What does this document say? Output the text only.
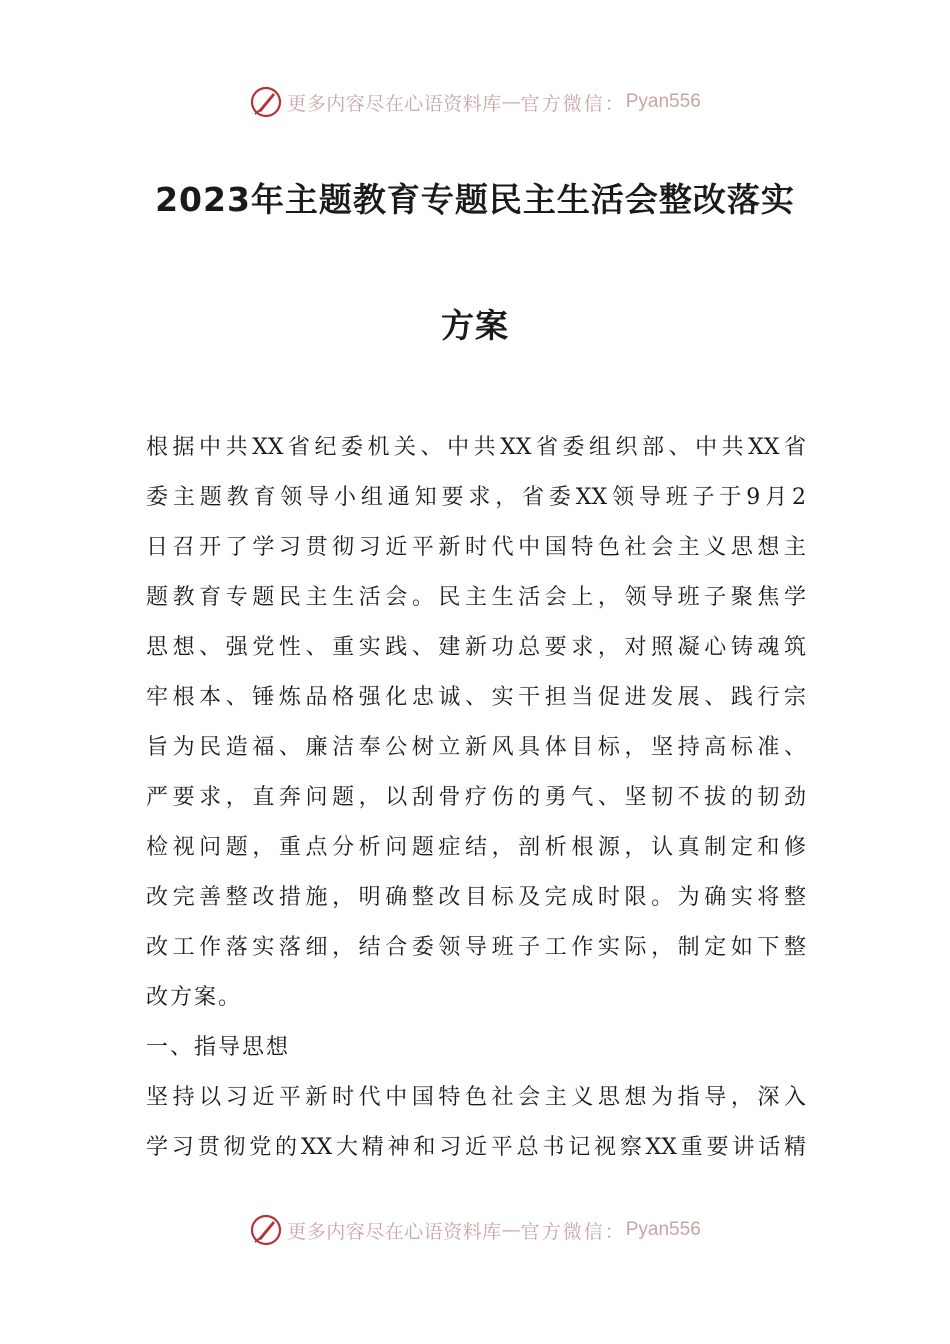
更多内容尽在心语资料库 — 官方微信： Pyan556
2023年主题教育专题民主生活会整改落实
方案
根据中共XX省纪委机关、中共XX省委组织部、中共XX省
委主题教育领导小组通知要求，省委XX领导班子于9月2
日召开了学习贯彻习近平新时代中国特色社会主义思想主
题教育专题民主生活会。民主生活会上，领导班子聚焦学
思想、强党性、重实践、建新功总要求，对照凝心铸魂筑
牢根本、锤炼品格强化忠诚、实干担当促进发展、践行宗
旨为民造福、廉洁奉公树立新风具体目标，坚持高标准、
严要求，直奔问题，以刮骨疗伤的勇气、坚韧不拔的韧劲
检视问题，重点分析问题症结，剖析根源，认真制定和修
改完善整改措施，明确整改目标及完成时限。为确实将整
改工作落实落细，结合委领导班子工作实际，制定如下整
改方案。
一、指导思想
坚持以习近平新时代中国特色社会主义思想为指导，深入
学习贯彻党的XX大精神和习近平总书记视察XX重要讲话精
更多内容尽在心语资料库 — 官方微信： Pyan556
